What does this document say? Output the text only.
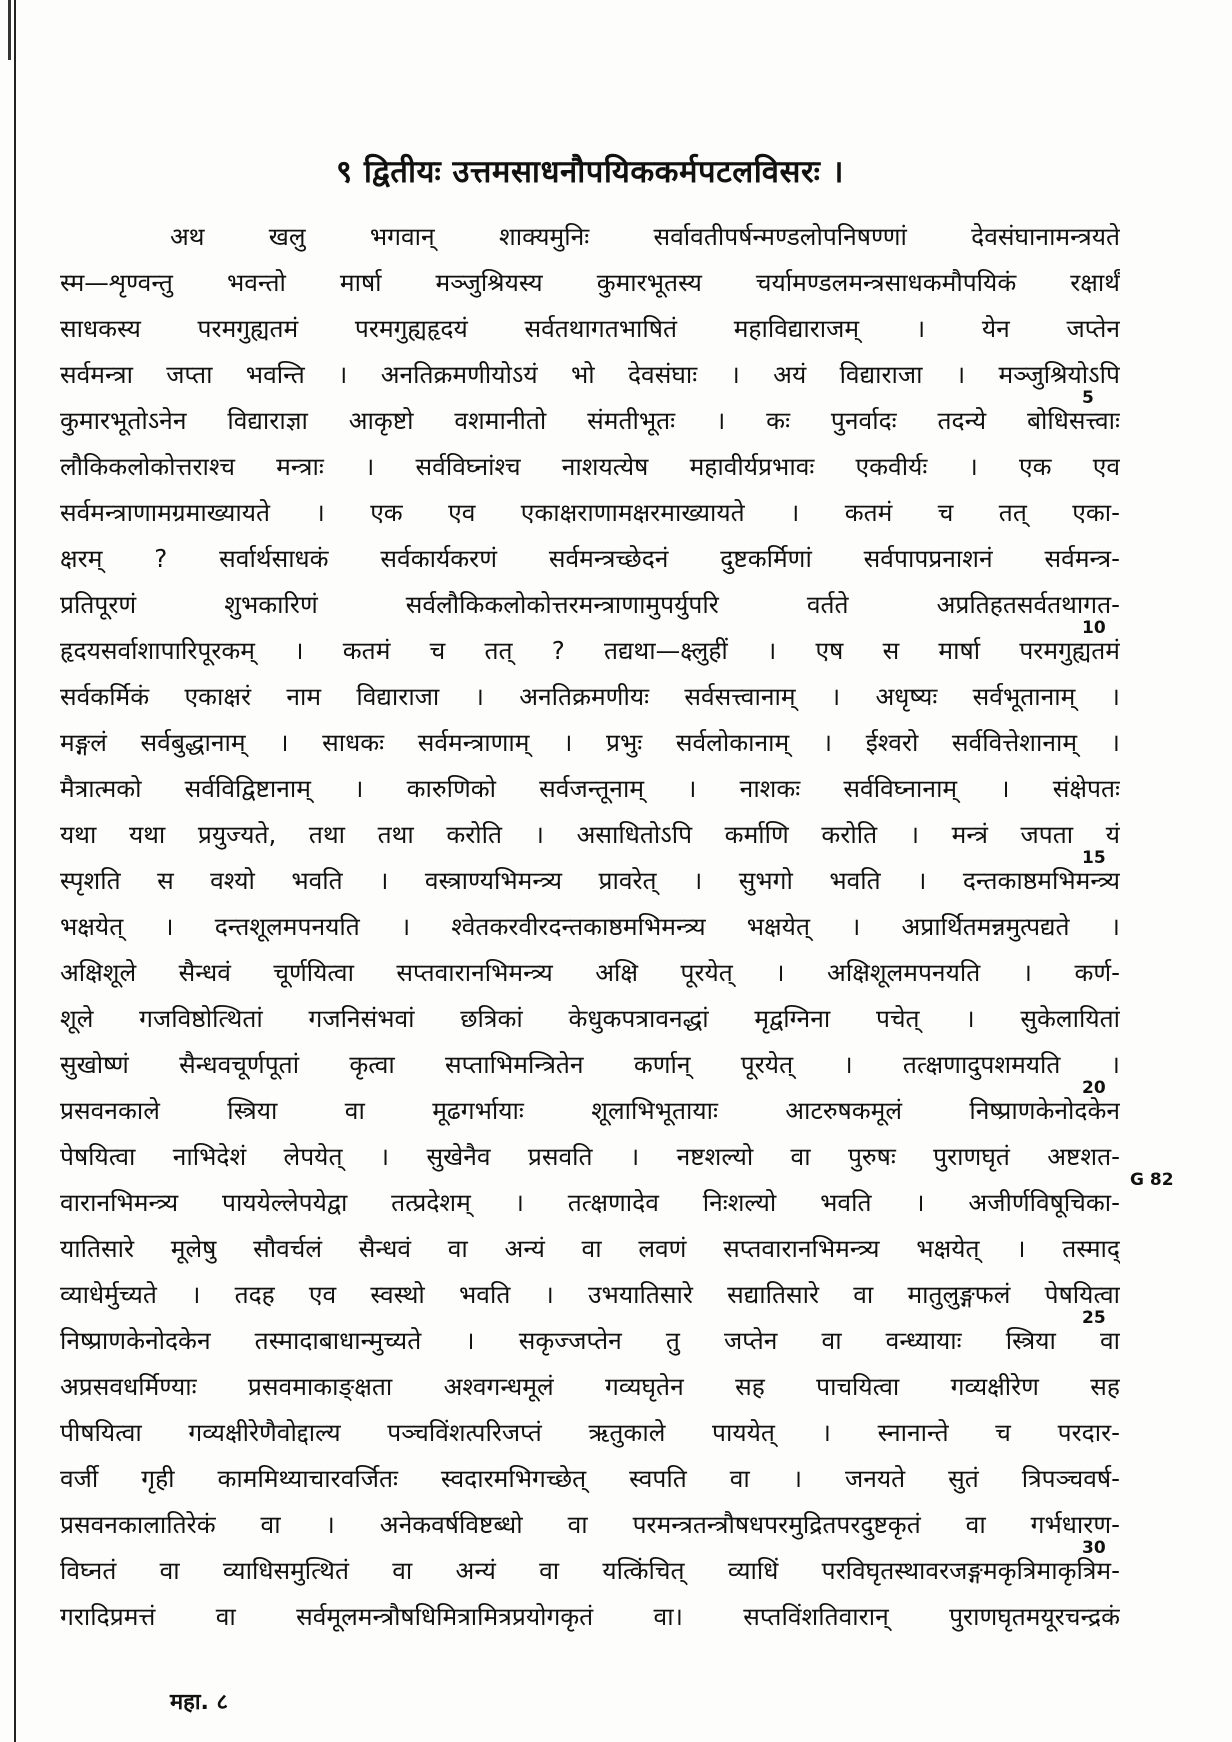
९ द्वितीयः उत्तमसाधनौपयिककर्मपटलविसरः ।
अथ खलु भगवान् शाक्यमुनिः सर्वावतीपर्षन्मण्डलोपनिषण्णां देवसंघानामन्त्रयते
स्म—शृण्वन्तु भवन्तो मार्षा मञ्जुश्रियस्य कुमारभूतस्य चर्यामण्डलमन्त्रसाधकमौपयिकं रक्षार्थं
साधकस्य परमगुह्यतमं परमगुह्यहृदयं सर्वतथागतभाषितं महाविद्याराजम् । येन जप्तेन
सर्वमन्त्रा जप्ता भवन्ति । अनतिक्रमणीयोऽयं भो देवसंघाः । अयं विद्याराजा । मञ्जुश्रियोऽपि
कुमारभूतोऽनेन विद्याराज्ञा आकृष्टो वशमानीतो संमतीभूतः । कः पुनर्वादः तदन्ये बोधिसत्त्वाः
लौकिकलोकोत्तराश्च मन्त्राः । सर्वविघ्नांश्च नाशयत्येष महावीर्यप्रभावः एकवीर्यः । एक एव
सर्वमन्त्राणामग्रमाख्यायते । एक एव एकाक्षराणामक्षरमाख्यायते । कतमं च तत् एका-
क्षरम् ? सर्वार्थसाधकं सर्वकार्यकरणं सर्वमन्त्रच्छेदनं दुष्टकर्मिणां सर्वपापप्रनाशनं सर्वमन्त्र-
प्रतिपूरणं शुभकारिणं सर्वलौकिकलोकोत्तरमन्त्राणामुपर्युपरि वर्तते अप्रतिहतसर्वतथागत-
हृदयसर्वाशापारिपूरकम् । कतमं च तत् ? तद्यथा—क्ष्लुहीं । एष स मार्षा परमगुह्यतमं
सर्वकर्मिकं एकाक्षरं नाम विद्याराजा । अनतिक्रमणीयः सर्वसत्त्वानाम् । अधृष्यः सर्वभूतानाम् ।
मङ्गलं सर्वबुद्धानाम् । साधकः सर्वमन्त्राणाम् । प्रभुः सर्वलोकानाम् । ईश्वरो सर्ववित्तेशानाम् ।
मैत्रात्मको सर्वविद्विष्टानाम् । कारुणिको सर्वजन्तूनाम् । नाशकः सर्वविघ्नानाम् । संक्षेपतः
यथा यथा प्रयुज्यते, तथा तथा करोति । असाधितोऽपि कर्माणि करोति । मन्त्रं जपता यं
स्पृशति स वश्यो भवति । वस्त्राण्यभिमन्त्र्य प्रावरेत् । सुभगो भवति । दन्तकाष्ठमभिमन्त्र्य
भक्षयेत् । दन्तशूलमपनयति । श्वेतकरवीरदन्तकाष्ठमभिमन्त्र्य भक्षयेत् । अप्रार्थितमन्नमुत्पद्यते ।
अक्षिशूले सैन्धवं चूर्णयित्वा सप्तवारानभिमन्त्र्य अक्षि पूरयेत् । अक्षिशूलमपनयति । कर्ण-
शूले गजविष्ठोत्थितां गजनिसंभवां छत्रिकां केधुकपत्रावनद्धां मृद्वग्निना पचेत् । सुकेलायितां
सुखोष्णं सैन्धवचूर्णपूतां कृत्वा सप्ताभिमन्त्रितेन कर्णान् पूरयेत् । तत्क्षणादुपशमयति ।
प्रसवनकाले स्त्रिया वा मूढगर्भायाः शूलाभिभूतायाः आटरुषकमूलं निष्प्राणकेनोदकेन
पेषयित्वा नाभिदेशं लेपयेत् । सुखेनैव प्रसवति । नष्टशल्यो वा पुरुषः पुराणघृतं अष्टशत-
वारानभिमन्त्र्य पाययेल्लेपयेद्वा तत्प्रदेशम् । तत्क्षणादेव निःशल्यो भवति । अजीर्णविषूचिका-
यातिसारे मूलेषु सौवर्चलं सैन्धवं वा अन्यं वा लवणं सप्तवारानभिमन्त्र्य भक्षयेत् । तस्माद्
व्याधेर्मुच्यते । तदह एव स्वस्थो भवति । उभयातिसारे सद्यातिसारे वा मातुलुङ्गफलं पेषयित्वा
निष्प्राणकेनोदकेन तस्मादाबाधान्मुच्यते । सकृज्जप्तेन तु जप्तेन वा वन्ध्यायाः स्त्रिया वा
अप्रसवधर्मिण्याः प्रसवमाकाङ्क्षता अश्वगन्धमूलं गव्यघृतेन सह पाचयित्वा गव्यक्षीरेण सह
पीषयित्वा गव्यक्षीरेणैवोद्दाल्य पञ्चविंशत्परिजप्तं ऋतुकाले पाययेत् । स्नानान्ते च परदार-
वर्जी गृही काममिथ्याचारवर्जितः स्वदारमभिगच्छेत् स्वपति वा । जनयते सुतं त्रिपञ्चवर्ष-
प्रसवनकालातिरेकं वा । अनेकवर्षविष्टब्धो वा परमन्त्रतन्त्रौषधपरमुद्रितपरदुष्टकृतं वा गर्भधारण-
विघ्नतं वा व्याधिसमुत्थितं वा अन्यं वा यत्किंचित् व्याधिं परविघृतस्थावरजङ्गमकृत्रिमाकृत्रिम-
गरादिप्रमत्तं वा सर्वमूलमन्त्रौषधिमित्रामित्रप्रयोगकृतं वा। सप्तविंशतिवारान् पुराणघृतमयूरचन्द्रकं
5
10
15
20
25
30
G 82
महा. ८
